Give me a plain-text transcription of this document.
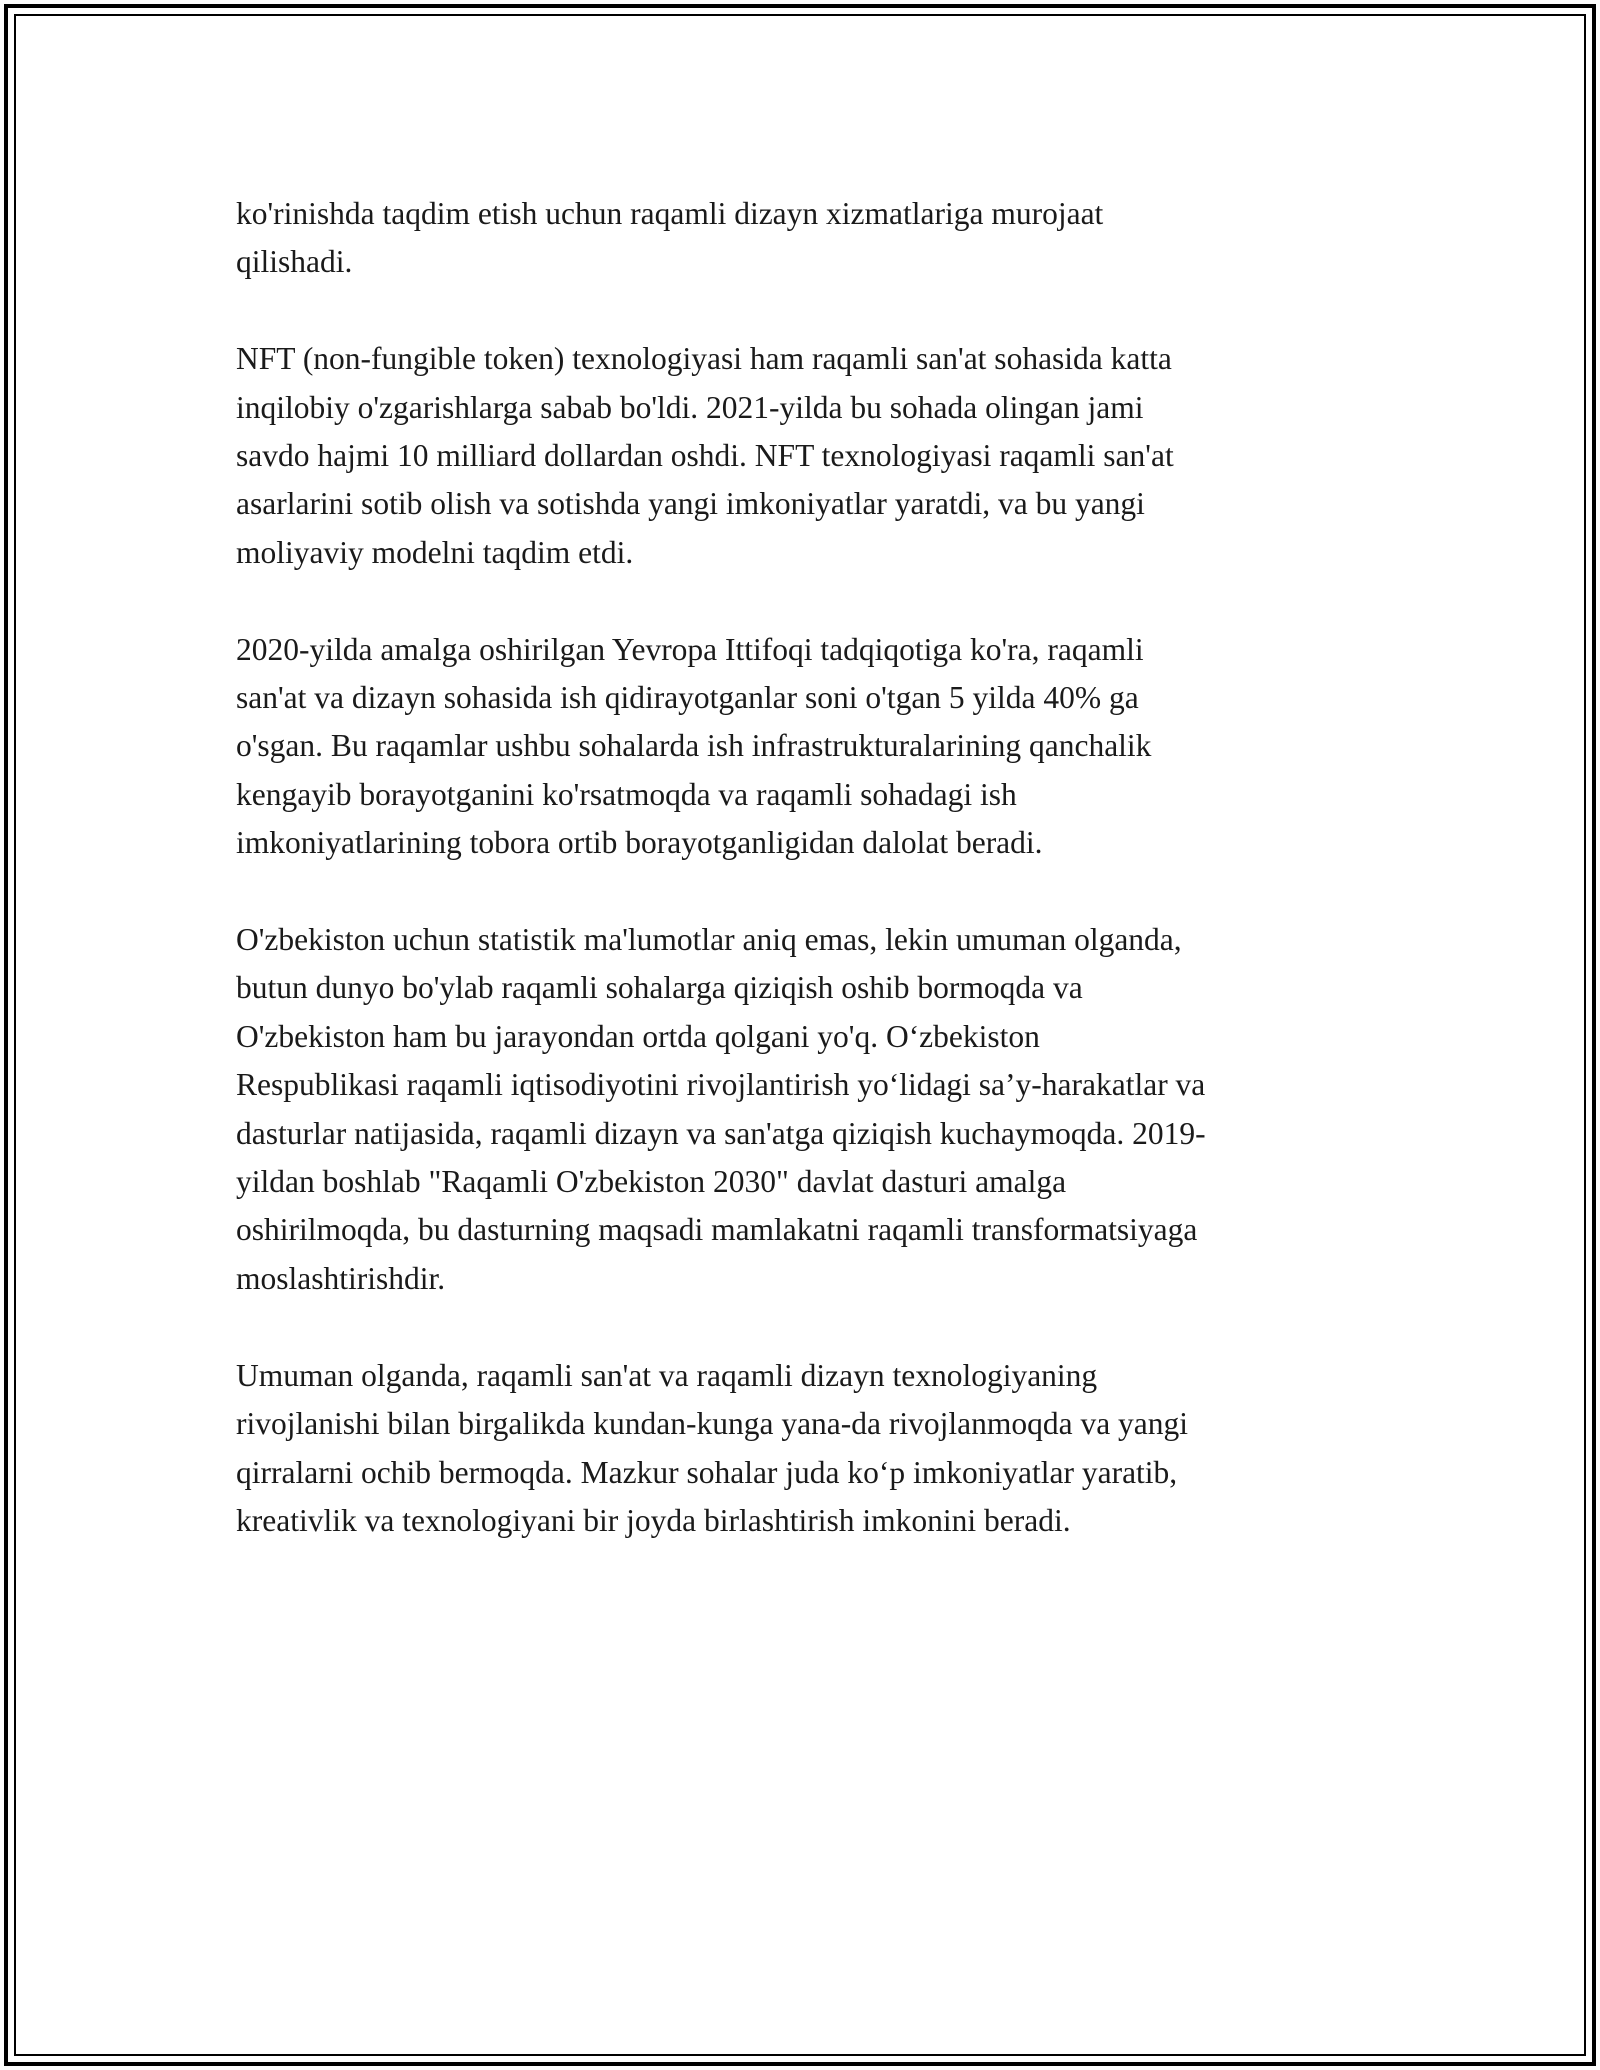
ko'rinishda taqdim etish uchun raqamli dizayn xizmatlariga murojaat
qilishadi.

NFT (non-fungible token) texnologiyasi ham raqamli san'at sohasida katta
inqilobiy o'zgarishlarga sabab bo'ldi. 2021-yilda bu sohada olingan jami
savdo hajmi 10 milliard dollardan oshdi. NFT texnologiyasi raqamli san'at
asarlarini sotib olish va sotishda yangi imkoniyatlar yaratdi, va bu yangi
moliyaviy modelni taqdim etdi.

2020-yilda amalga oshirilgan Yevropa Ittifoqi tadqiqotiga ko'ra, raqamli
san'at va dizayn sohasida ish qidirayotganlar soni o'tgan 5 yilda 40% ga
o'sgan. Bu raqamlar ushbu sohalarda ish infrastrukturalarining qanchalik
kengayib borayotganini ko'rsatmoqda va raqamli sohadagi ish
imkoniyatlarining tobora ortib borayotganligidan dalolat beradi.

O'zbekiston uchun statistik ma'lumotlar aniq emas, lekin umuman olganda,
butun dunyo bo'ylab raqamli sohalarga qiziqish oshib bormoqda va
O'zbekiston ham bu jarayondan ortda qolgani yo'q. O‘zbekiston
Respublikasi raqamli iqtisodiyotini rivojlantirish yo‘lidagi sa’y-harakatlar va
dasturlar natijasida, raqamli dizayn va san'atga qiziqish kuchaymoqda. 2019-
yildan boshlab "Raqamli O'zbekiston 2030" davlat dasturi amalga
oshirilmoqda, bu dasturning maqsadi mamlakatni raqamli transformatsiyaga
moslashtirishdir.

Umuman olganda, raqamli san'at va raqamli dizayn texnologiyaning
rivojlanishi bilan birgalikda kundan-kunga yana-da rivojlanmoqda va yangi
qirralarni ochib bermoqda. Mazkur sohalar juda ko‘p imkoniyatlar yaratib,
kreativlik va texnologiyani bir joyda birlashtirish imkonini beradi.
